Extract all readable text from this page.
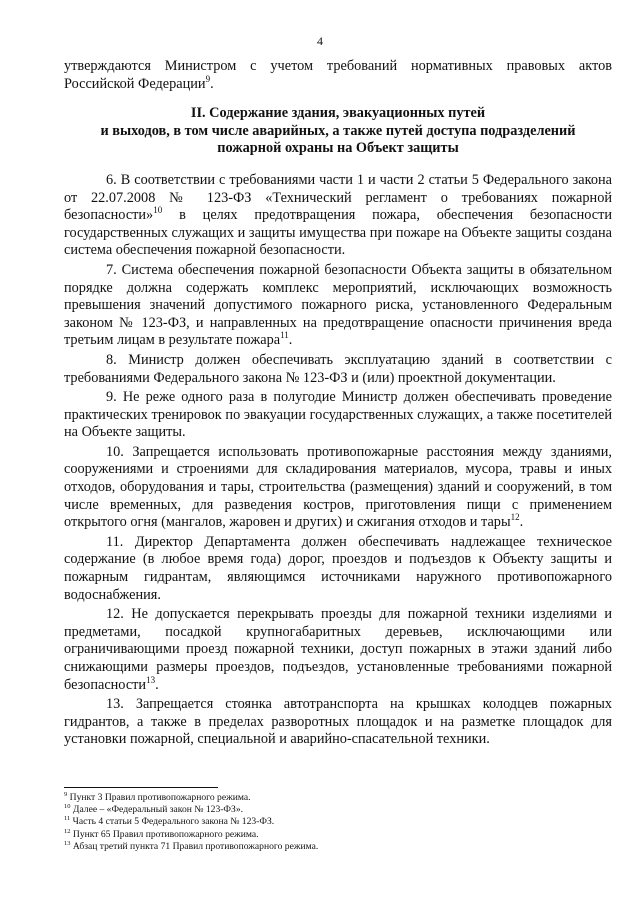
4

утверждаются Министром с учетом требований нормативных правовых актов Российской Федерации$^9$.

II. Содержание здания, эвакуационных путей
и выходов, в том числе аварийных, а также путей доступа подразделений
пожарной охраны на Объект защиты

6. В соответствии с требованиями части 1 и части 2 статьи 5 Федерального закона от 22.07.2008 № 123-ФЗ «Технический регламент о требованиях пожарной безопасности»$^{10}$ в целях предотвращения пожара, обеспечения безопасности государственных служащих и защиты имущества при пожаре на Объекте защиты создана система обеспечения пожарной безопасности.

7. Система обеспечения пожарной безопасности Объекта защиты в обязательном порядке должна содержать комплекс мероприятий, исключающих возможность превышения значений допустимого пожарного риска, установленного Федеральным законом № 123-ФЗ, и направленных на предотвращение опасности причинения вреда третьим лицам в результате пожара$^{11}$.

8. Министр должен обеспечивать эксплуатацию зданий в соответствии с требованиями Федерального закона № 123-ФЗ и (или) проектной документации.

9. Не реже одного раза в полугодие Министр должен обеспечивать проведение практических тренировок по эвакуации государственных служащих, а также посетителей на Объекте защиты.

10. Запрещается использовать противопожарные расстояния между зданиями, сооружениями и строениями для складирования материалов, мусора, травы и иных отходов, оборудования и тары, строительства (размещения) зданий и сооружений, в том числе временных, для разведения костров, приготовления пищи с применением открытого огня (мангалов, жаровен и других) и сжигания отходов и тары$^{12}$.

11. Директор Департамента должен обеспечивать надлежащее техническое содержание (в любое время года) дорог, проездов и подъездов к Объекту защиты и пожарным гидрантам, являющимся источниками наружного противопожарного водоснабжения.

12. Не допускается перекрывать проезды для пожарной техники изделиями и предметами, посадкой крупногабаритных деревьев, исключающими или ограничивающими проезд пожарной техники, доступ пожарных в этажи зданий либо снижающими размеры проездов, подъездов, установленные требованиями пожарной безопасности$^{13}$.

13. Запрещается стоянка автотранспорта на крышках колодцев пожарных гидрантов, а также в пределах разворотных площадок и на разметке площадок для установки пожарной, специальной и аварийно-спасательной техники.

$^9$ Пункт 3 Правил противопожарного режима.
$^{10}$ Далее – «Федеральный закон № 123-ФЗ».
$^{11}$ Часть 4 статьи 5 Федерального закона № 123-ФЗ.
$^{12}$ Пункт 65 Правил противопожарного режима.
$^{13}$ Абзац третий пункта 71 Правил противопожарного режима.
